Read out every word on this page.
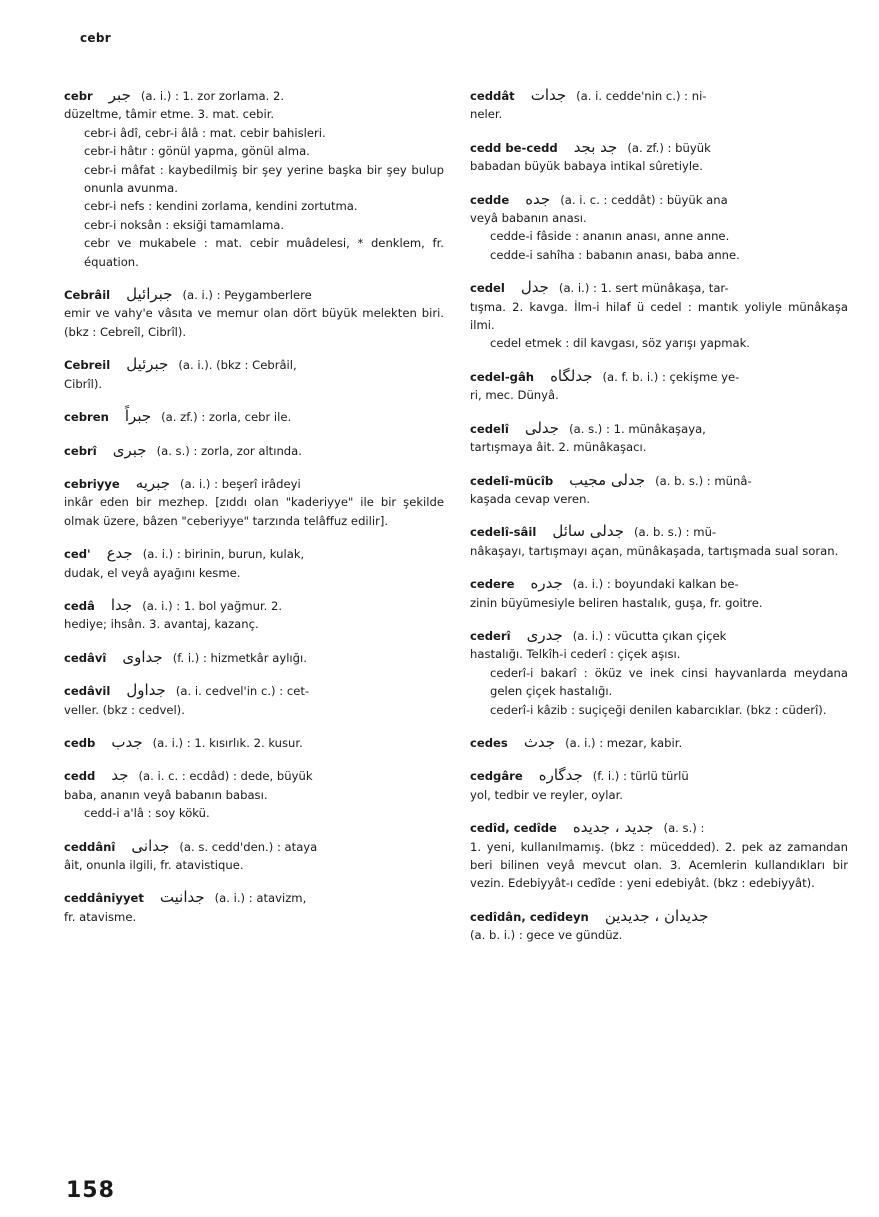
cebr
cebr جبر (a. i.) : 1. zor zorlama. 2.
düzeltme, tâmir etme. 3. mat. cebir.
cebr-i âdî, cebr-i âlâ : mat. cebir bahisleri.
cebr-i hâtır : gönül yapma, gönül alma.
cebr-i mâfat : kaybedilmiş bir şey yerine başka bir şey bulup onunla avunma.
cebr-i nefs : kendini zorlama, kendini zortutma.
cebr-i noksân : eksiği tamamlama.
cebr ve mukabele : mat. cebir muâdelesi, * denklem, fr. équation.
Cebrâil جبرائيل (a. i.) : Peygamberlere
emir ve vahy'e vâsıta ve memur olan dört büyük melekten biri. (bkz : Cebreîl, Cibrîl).
Cebreil جبرئيل (a. i.). (bkz : Cebrâil,
Cibrîl).
cebren جبراً (a. zf.) : zorla, cebr ile.
cebrî جبرى (a. s.) : zorla, zor altında.
cebriyye جبريه (a. i.) : beşerî irâdeyi
inkâr eden bir mezhep. [zıddı olan "kaderiyye" ile bir şekilde olmak üzere, bâzen "ceberiyye" tarzında telâffuz edilir].
ced' جدع (a. i.) : birinin, burun, kulak,
dudak, el veyâ ayağını kesme.
cedâ جدا (a. i.) : 1. bol yağmur. 2.
hediye; ihsân. 3. avantaj, kazanç.
cedâvî جداوى (f. i.) : hizmetkâr aylığı.
cedâvil جداول (a. i. cedvel'in c.) : cet-
veller. (bkz : cedvel).
cedb جدب (a. i.) : 1. kısırlık. 2. kusur.
cedd جد (a. i. c. : ecdâd) : dede, büyük
baba, ananın veyâ babanın babası.
cedd-i a'lâ : soy kökü.
ceddânî جدانى (a. s. cedd'den.) : ataya
âit, onunla ilgili, fr. atavistique.
ceddâniyyet جدانيت (a. i.) : atavizm,
fr. atavisme.
ceddât جدات (a. i. cedde'nin c.) : ni-
neler.
cedd be-cedd جد بجد (a. zf.) : büyük
babadan büyük babaya intikal sûretiyle.
cedde جده (a. i. c. : ceddât) : büyük ana
veyâ babanın anası.
cedde-i fâside : ananın anası, anne anne.
cedde-i sahîha : babanın anası, baba anne.
cedel جدل (a. i.) : 1. sert münâkaşa, tar-
tışma. 2. kavga. İlm-i hilaf ü cedel : mantık yoliyle münâkaşa ilmi.
cedel etmek : dil kavgası, söz yarışı yapmak.
cedel-gâh جدلگاه (a. f. b. i.) : çekişme ye-
ri, mec. Dünyâ.
cedelî جدلى (a. s.) : 1. münâkaşaya,
tartışmaya âit. 2. münâkaşacı.
cedelî-mücîb جدلى مجيب (a. b. s.) : münâ-
kaşada cevap veren.
cedelî-sâil جدلى سائل (a. b. s.) : mü-
nâkaşayı, tartışmayı açan, münâkaşada, tartışmada sual soran.
cedere جدره (a. i.) : boyundaki kalkan be-
zinin büyümesiyle beliren hastalık, guşa, fr. goitre.
cederî جدرى (a. i.) : vücutta çıkan çiçek
hastalığı. Telkîh-i cederî : çiçek aşısı.
cederî-i bakarî : öküz ve inek cinsi hayvanlarda meydana gelen çiçek hastalığı.
cederî-i kâzib : suçiçeği denilen kabarcıklar. (bkz : cüderî).
cedes جدث (a. i.) : mezar, kabir.
cedgâre جدگاره (f. i.) : türlü türlü
yol, tedbir ve reyler, oylar.
cedîd, cedîde جديد ، جديده (a. s.) :
1. yeni, kullanılmamış. (bkz : mücedded). 2. pek az zamandan beri bilinen veyâ mevcut olan. 3. Acemlerin kullandıkları bir vezin. Edebiyyât-ı cedîde : yeni edebiyât. (bkz : edebiyyât).
cedîdân, cedîdeyn جديدان ، جديدين
(a. b. i.) : gece ve gündüz.
158
